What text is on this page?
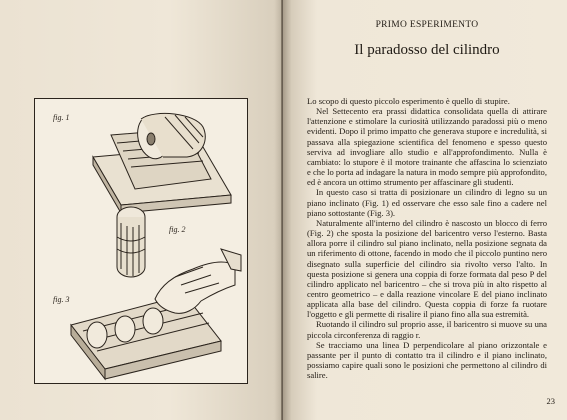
fig. 1
fig. 2
fig. 3
PRIMO ESPERIMENTO
Il paradosso del cilindro

Lo scopo di questo piccolo esperimento è quello di stupire.

Nel Settecento era prassi didattica consolidata quella di attirare l'attenzione e stimolare la curiosità utilizzando paradossi più o meno evidenti. Dopo il primo impatto che generava stupore e incredulità, si passava alla spiegazione scientifica del fenomeno e spesso questo serviva ad invogliare allo studio e all'approfondimento. Nulla è cambiato: lo stupore è il motore trainante che affascina lo scienziato e che lo porta ad indagare la natura in modo sempre più approfondito, ed è ancora un ottimo strumento per affascinare gli studenti.

In questo caso si tratta di posizionare un cilindro di legno su un piano inclinato (Fig. 1) ed osservare che esso sale fino a cadere nel piano sottostante (Fig. 3).

Naturalmente all'interno del cilindro è nascosto un blocco di ferro (Fig. 2) che sposta la posizione del baricentro verso l'esterno. Basta allora porre il cilindro sul piano inclinato, nella posizione segnata da un riferimento di ottone, facendo in modo che il piccolo puntino nero disegnato sulla superficie del cilindro sia rivolto verso l'alto. In questa posizione si genera una coppia di forze formata dal peso P del cilindro applicato nel baricentro – che si trova più in alto rispetto al centro geometrico – e dalla reazione vincolare E del piano inclinato applicata alla base del cilindro. Questa coppia di forze fa ruotare l'oggetto e gli permette di risalire il piano fino alla sua estremità.

Ruotando il cilindro sul proprio asse, il baricentro si muove su una piccola circonferenza di raggio r.

Se tracciamo una linea D perpendicolare al piano orizzontale e passante per il punto di contatto tra il cilindro e il piano inclinato, possiamo capire quali sono le posizioni che permettono al cilindro di salire.

23
